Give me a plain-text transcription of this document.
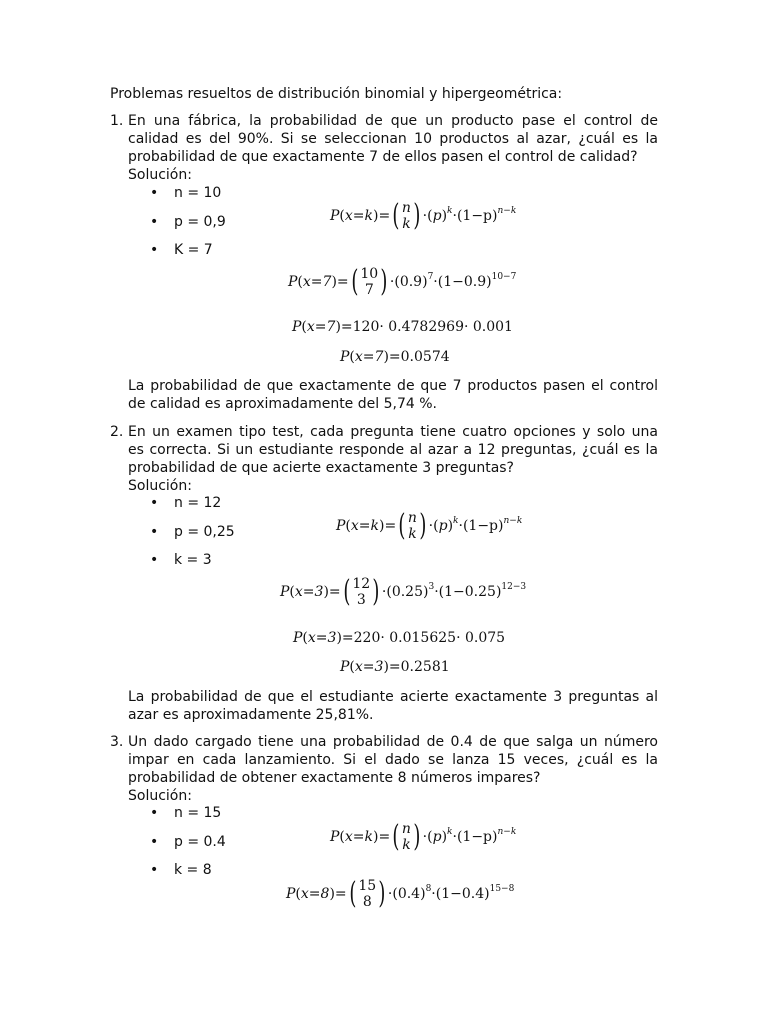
Problemas resueltos de distribución binomial y hipergeométrica:
1. En una fábrica, la probabilidad de que un producto pase el control de
calidad es del 90%. Si se seleccionan 10 productos al azar, ¿cuál es la
probabilidad de que exactamente 7 de ellos pasen el control de calidad?
Solución:
• n = 10
• p = 0,9
• K = 7
P(x=k)=( n
k ) $\cdot(p)^k\cdot(1-p)^{n-k}$
P(x=7)=( 10
7 ) $\cdot(0.9)^7\cdot(1-0.9)^{10-7}$
P(x=7)=120· 0.4782969· 0.001
P(x=7)=0.0574
La probabilidad de que exactamente de que 7 productos pasen el control
de calidad es aproximadamente del 5,74 %.
2. En un examen tipo test, cada pregunta tiene cuatro opciones y solo una
es correcta. Si un estudiante responde al azar a 12 preguntas, ¿cuál es la
probabilidad de que acierte exactamente 3 preguntas?
Solución:
• n = 12
• p = 0,25
• k = 3
P(x=k)=( n
k ) $\cdot(p)^k\cdot(1-p)^{n-k}$
P(x=3)=( 12
3 ) $\cdot(0.25)^3\cdot(1-0.25)^{12-3}$
P(x=3)=220· 0.015625· 0.075
P(x=3)=0.2581
La probabilidad de que el estudiante acierte exactamente 3 preguntas al
azar es aproximadamente 25,81%.
3. Un dado cargado tiene una probabilidad de 0.4 de que salga un número
impar en cada lanzamiento. Si el dado se lanza 15 veces, ¿cuál es la
probabilidad de obtener exactamente 8 números impares?
Solución:
• n = 15
• p = 0.4
• k = 8
P(x=k)=( n
k ) $\cdot(p)^k\cdot(1-p)^{n-k}$
P(x=8)=( 15
8 ) $\cdot(0.4)^8\cdot(1-0.4)^{15-8}$
